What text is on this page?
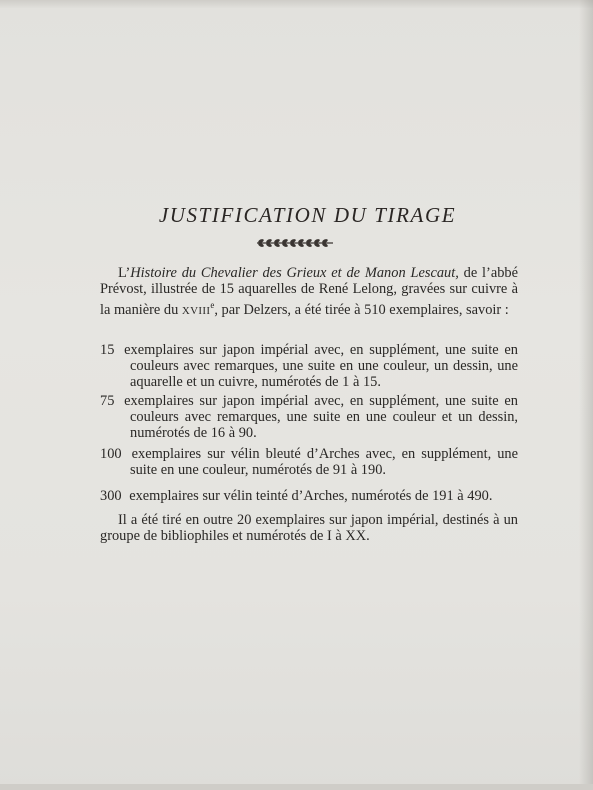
JUSTIFICATION DU TIRAGE

L’Histoire du Chevalier des Grieux et de Manon Lescaut, de l’abbé Prévost, illustrée de 15 aquarelles de René Lelong, gravées sur cuivre à la manière du XVIIIe, par Delzers, a été tirée à 510 exemplaires, savoir :

15 exemplaires sur japon impérial avec, en supplément, une suite en couleurs avec remarques, une suite en une couleur, un dessin, une aquarelle et un cuivre, numérotés de 1 à 15.

75 exemplaires sur japon impérial avec, en supplément, une suite en couleurs avec remarques, une suite en une couleur et un dessin, numérotés de 16 à 90.

100 exemplaires sur vélin bleuté d’Arches avec, en supplément, une suite en une couleur, numérotés de 91 à 190.

300 exemplaires sur vélin teinté d’Arches, numérotés de 191 à 490.

Il a été tiré en outre 20 exemplaires sur japon impérial, destinés à un groupe de bibliophiles et numérotés de I à XX.
